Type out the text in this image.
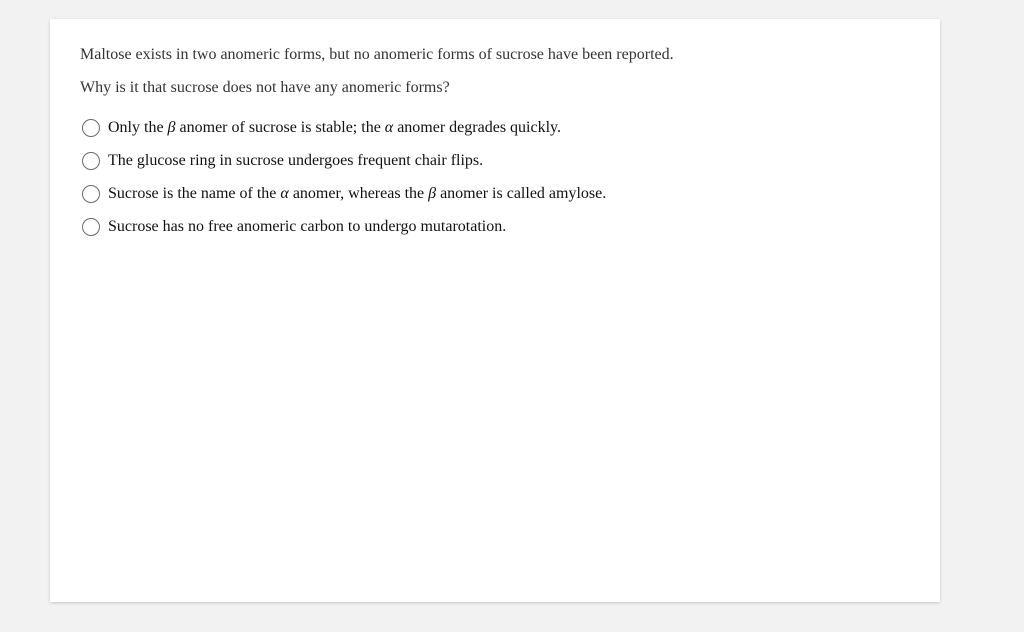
Maltose exists in two anomeric forms, but no anomeric forms of sucrose have been reported.
Why is it that sucrose does not have any anomeric forms?
Only the β anomer of sucrose is stable; the α anomer degrades quickly.
The glucose ring in sucrose undergoes frequent chair flips.
Sucrose is the name of the α anomer, whereas the β anomer is called amylose.
Sucrose has no free anomeric carbon to undergo mutarotation.
